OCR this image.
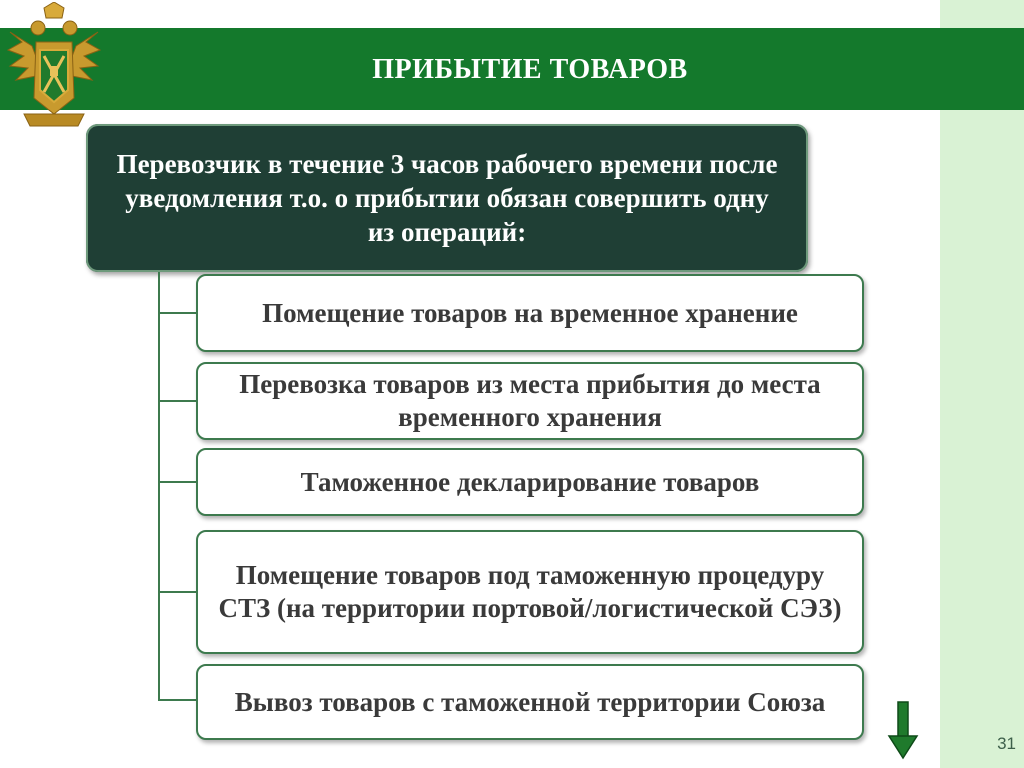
ПРИБЫТИЕ ТОВАРОВ
Перевозчик в течение 3 часов рабочего времени после уведомления т.о. о прибытии обязан совершить одну из операций:
Помещение товаров на временное хранение
Перевозка товаров из места прибытия до места временного хранения
Таможенное декларирование товаров
Помещение товаров под таможенную процедуру СТЗ (на территории портовой/логистической СЭЗ)
Вывоз товаров с таможенной территории Союза
31
